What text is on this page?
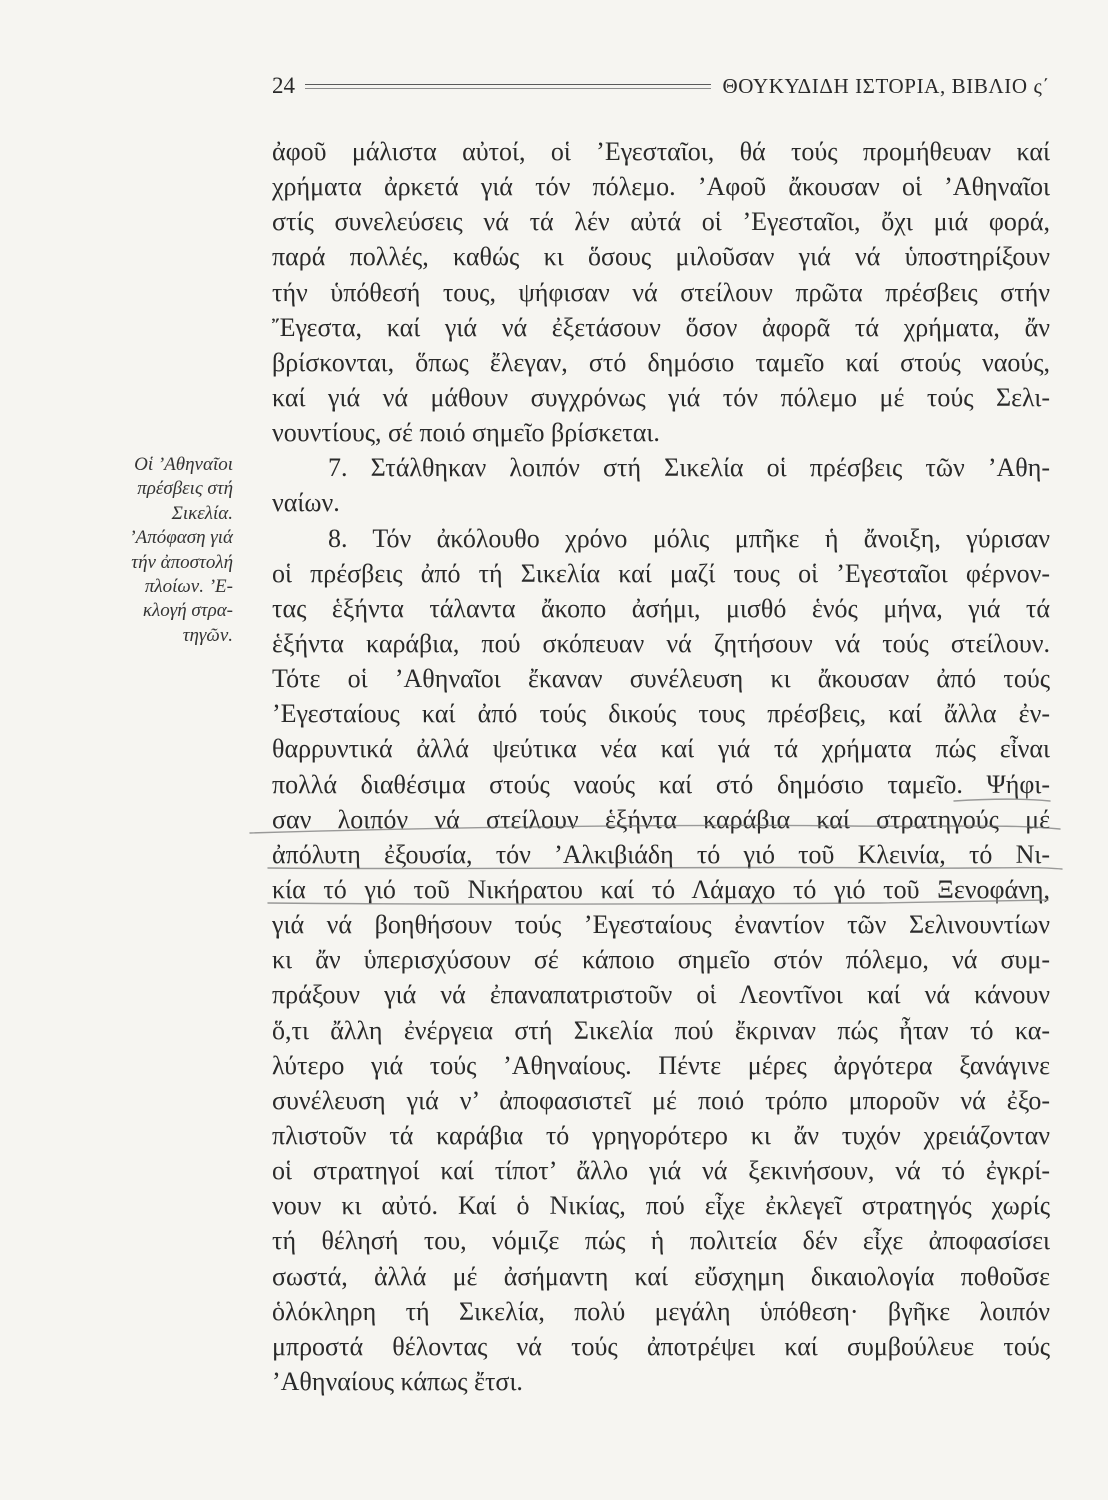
24	ΘΟΥΚΥΔΙΔΗ ΙΣΤΟΡΙΑ, ΒΙΒΛΙΟ ς΄
Οἱ ’Αθηναῖοι
πρέσβεις στή
Σικελία.
’Απόφαση γιά
τήν ἀποστολή
πλοίων. ’Ε-
κλογή στρα-
τηγῶν.
ἀφοῦ μάλιστα αὐτοί, οἱ ’Εγεσταῖοι, θά τούς προμήθευαν καί
χρήματα ἀρκετά γιά τόν πόλεμο. ’Αφοῦ ἄκουσαν οἱ ’Αθηναῖοι
στίς συνελεύσεις νά τά λέν αὐτά οἱ ’Εγεσταῖοι, ὄχι μιά φορά,
παρά πολλές, καθώς κι ὅσους μιλοῦσαν γιά νά ὑποστηρίξουν
τήν ὑπόθεσή τους, ψήφισαν νά στείλουν πρῶτα πρέσβεις στήν
Ἔγεστα, καί γιά νά ἐξετάσουν ὅσον ἀφορᾶ τά χρήματα, ἄν
βρίσκονται, ὅπως ἔλεγαν, στό δημόσιο ταμεῖο καί στούς ναούς,
καί γιά νά μάθουν συγχρόνως γιά τόν πόλεμο μέ τούς Σελι-
νουντίους, σέ ποιό σημεῖο βρίσκεται.
7. Στάλθηκαν λοιπόν στή Σικελία οἱ πρέσβεις τῶν ’Αθη-
ναίων.
8. Τόν ἀκόλουθο χρόνο μόλις μπῆκε ἡ ἄνοιξη, γύρισαν
οἱ πρέσβεις ἀπό τή Σικελία καί μαζί τους οἱ ’Εγεσταῖοι φέρνον-
τας ἑξήντα τάλαντα ἄκοπο ἀσήμι, μισθό ἑνός μήνα, γιά τά
ἑξήντα καράβια, πού σκόπευαν νά ζητήσουν νά τούς στείλουν.
Τότε οἱ ’Αθηναῖοι ἔκαναν συνέλευση κι ἄκουσαν ἀπό τούς
’Εγεσταίους καί ἀπό τούς δικούς τους πρέσβεις, καί ἄλλα ἐν-
θαρρυντικά ἀλλά ψεύτικα νέα καί γιά τά χρήματα πώς εἶναι
πολλά διαθέσιμα στούς ναούς καί στό δημόσιο ταμεῖο. Ψήφι-
σαν λοιπόν νά στείλουν ἑξήντα καράβια καί στρατηγούς μέ
ἀπόλυτη ἐξουσία, τόν ’Αλκιβιάδη τό γιό τοῦ Κλεινία, τό Νι-
κία τό γιό τοῦ Νικήρατου καί τό Λάμαχο τό γιό τοῦ Ξενοφάνη,
γιά νά βοηθήσουν τούς ’Εγεσταίους ἐναντίον τῶν Σελινουντίων
κι ἄν ὑπερισχύσουν σέ κάποιο σημεῖο στόν πόλεμο, νά συμ-
πράξουν γιά νά ἐπαναπατριστοῦν οἱ Λεοντῖνοι καί νά κάνουν
ὅ,τι ἄλλη ἐνέργεια στή Σικελία πού ἔκριναν πώς ἦταν τό κα-
λύτερο γιά τούς ’Αθηναίους. Πέντε μέρες ἀργότερα ξανάγινε
συνέλευση γιά ν’ ἀποφασιστεῖ μέ ποιό τρόπο μποροῦν νά ἐξο-
πλιστοῦν τά καράβια τό γρηγορότερο κι ἄν τυχόν χρειάζονταν
οἱ στρατηγοί καί τίποτ’ ἄλλο γιά νά ξεκινήσουν, νά τό ἐγκρί-
νουν κι αὐτό. Καί ὁ Νικίας, πού εἶχε ἐκλεγεῖ στρατηγός χωρίς
τή θέλησή του, νόμιζε πώς ἡ πολιτεία δέν εἶχε ἀποφασίσει
σωστά, ἀλλά μέ ἀσήμαντη καί εὔσχημη δικαιολογία ποθοῦσε
ὁλόκληρη τή Σικελία, πολύ μεγάλη ὑπόθεση· βγῆκε λοιπόν
μπροστά θέλοντας νά τούς ἀποτρέψει καί συμβούλευε τούς
’Αθηναίους κάπως ἔτσι.
